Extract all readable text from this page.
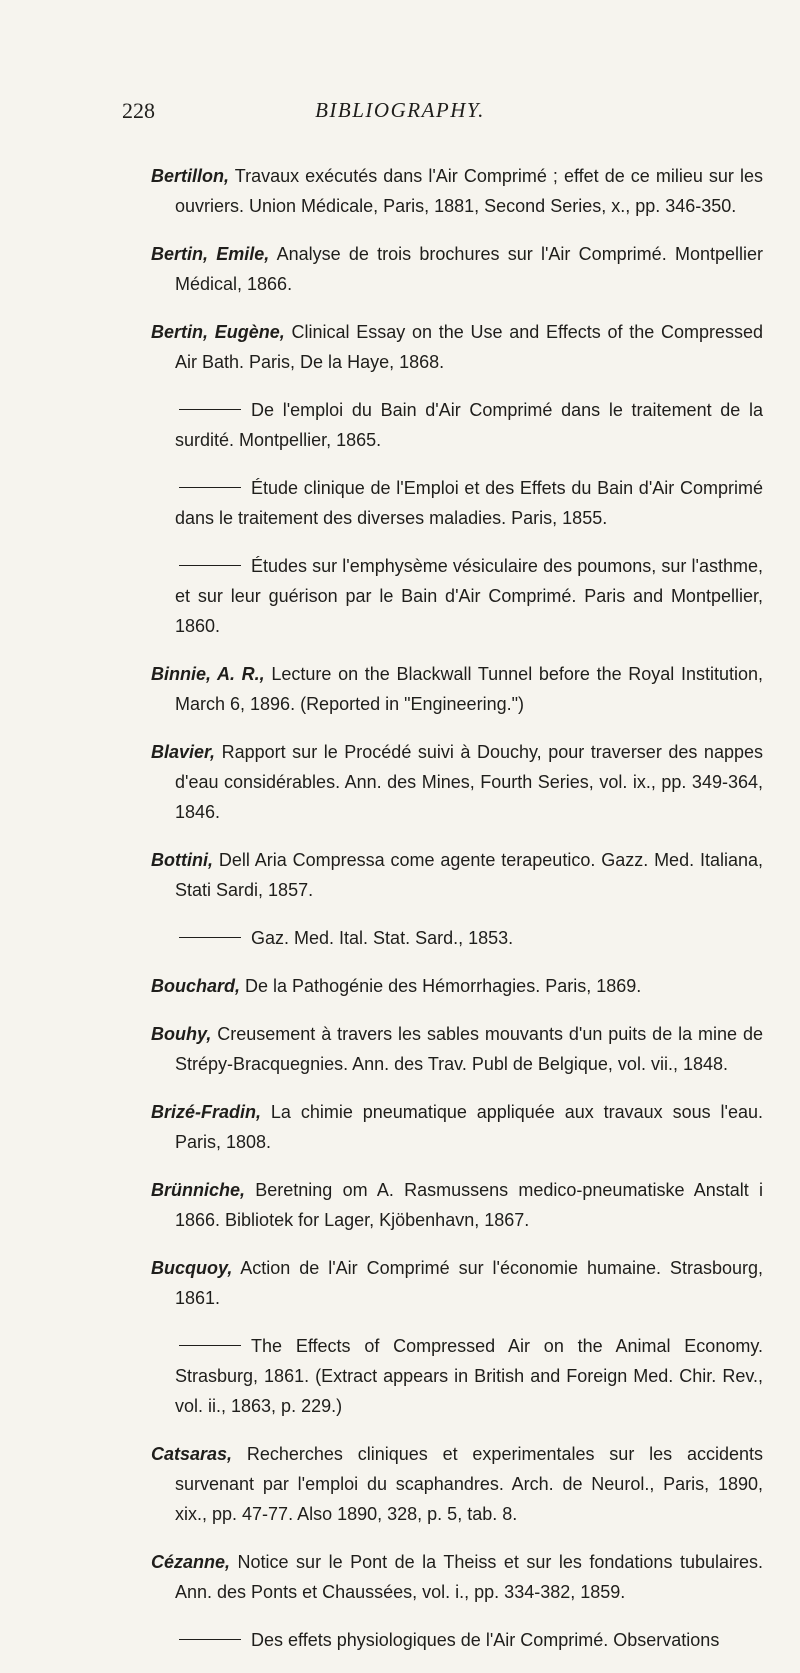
228	BIBLIOGRAPHY.

Bertillon, Travaux exécutés dans l'Air Comprimé ; effet de ce milieu sur les ouvriers. Union Médicale, Paris, 1881, Second Series, x., pp. 346-350.

Bertin, Emile, Analyse de trois brochures sur l'Air Comprimé. Montpellier Médical, 1866.

Bertin, Eugène, Clinical Essay on the Use and Effects of the Compressed Air Bath. Paris, De la Haye, 1868.

De l'emploi du Bain d'Air Comprimé dans le traitement de la surdité. Montpellier, 1865.

Étude clinique de l'Emploi et des Effets du Bain d'Air Comprimé dans le traitement des diverses maladies. Paris, 1855.

Études sur l'emphysème vésiculaire des poumons, sur l'asthme, et sur leur guérison par le Bain d'Air Comprimé. Paris and Montpellier, 1860.

Binnie, A. R., Lecture on the Blackwall Tunnel before the Royal Institution, March 6, 1896. (Reported in "Engineering.")

Blavier, Rapport sur le Procédé suivi à Douchy, pour traverser des nappes d'eau considérables. Ann. des Mines, Fourth Series, vol. ix., pp. 349-364, 1846.

Bottini, Dell Aria Compressa come agente terapeutico. Gazz. Med. Italiana, Stati Sardi, 1857.

Gaz. Med. Ital. Stat. Sard., 1853.

Bouchard, De la Pathogénie des Hémorrhagies. Paris, 1869.

Bouhy, Creusement à travers les sables mouvants d'un puits de la mine de Strépy-Bracquegnies. Ann. des Trav. Publ de Belgique, vol. vii., 1848.

Brizé-Fradin, La chimie pneumatique appliquée aux travaux sous l'eau. Paris, 1808.

Brünniche, Beretning om A. Rasmussens medico-pneumatiske Anstalt i 1866. Bibliotek for Lager, Kjöbenhavn, 1867.

Bucquoy, Action de l'Air Comprimé sur l'économie humaine. Strasbourg, 1861.

The Effects of Compressed Air on the Animal Economy. Strasburg, 1861. (Extract appears in British and Foreign Med. Chir. Rev., vol. ii., 1863, p. 229.)

Catsaras, Recherches cliniques et experimentales sur les accidents survenant par l'emploi du scaphandres. Arch. de Neurol., Paris, 1890, xix., pp. 47-77. Also 1890, 328, p. 5, tab. 8.

Cézanne, Notice sur le Pont de la Theiss et sur les fondations tubulaires. Ann. des Ponts et Chaussées, vol. i., pp. 334-382, 1859.

Des effets physiologiques de l'Air Comprimé. Observations
